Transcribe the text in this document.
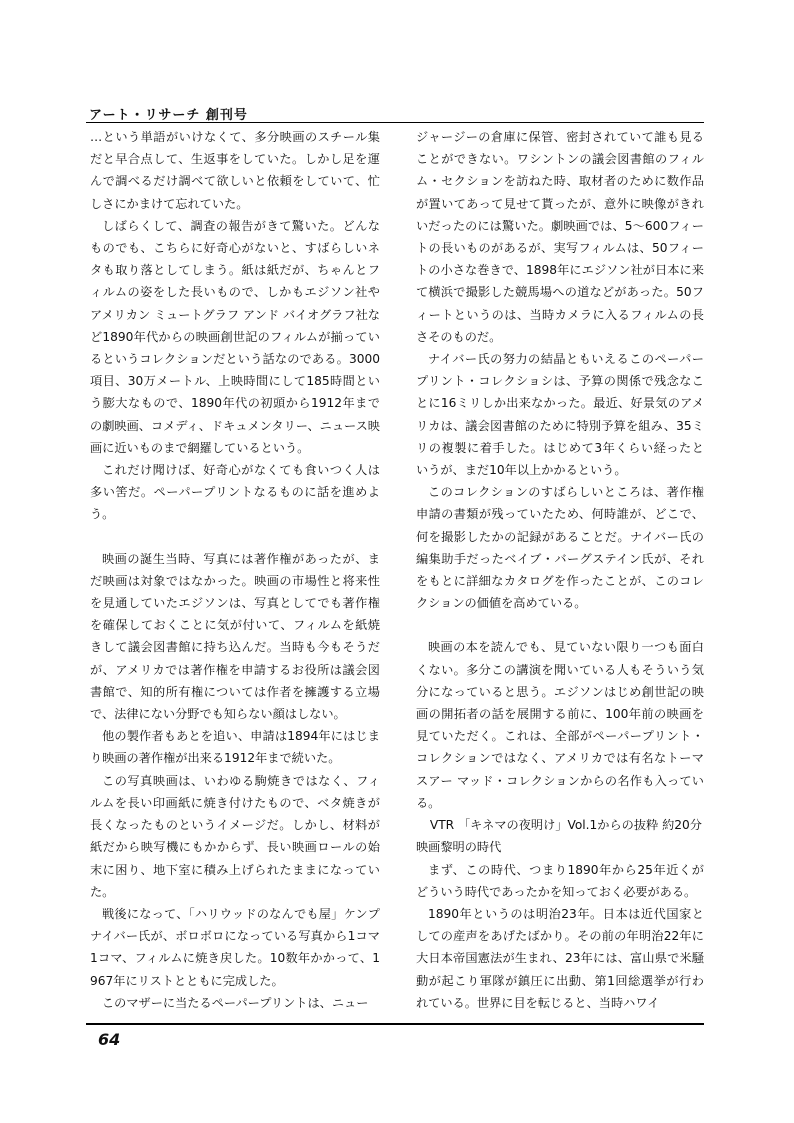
アート・リサーチ 創刊号

…という単語がいけなくて、多分映画のスチール集だと早合点して、生返事をしていた。しかし足を運んで調べるだけ調べて欲しいと依頼をしていて、忙しさにかまけて忘れていた。

しばらくして、調査の報告がきて驚いた。どんなものでも、こちらに好奇心がないと、すばらしいネタも取り落としてしまう。紙は紙だが、ちゃんとフィルムの姿をした長いもので、しかもエジソン社やアメリカン ミュートグラフ アンド バイオグラフ社など1890年代からの映画創世記のフィルムが揃っているというコレクションだという話なのである。3000項目、30万メートル、上映時間にして185時間という膨大なもので、1890年代の初頭から1912年までの劇映画、コメディ、ドキュメンタリー、ニュース映画に近いものまで網羅しているという。

これだけ聞けば、好奇心がなくても食いつく人は多い筈だ。ペーパープリントなるものに話を進めよう。

映画の誕生当時、写真には著作権があったが、まだ映画は対象ではなかった。映画の市場性と将来性を見通していたエジソンは、写真としてでも著作権を確保しておくことに気が付いて、フィルムを紙焼きして議会図書館に持ち込んだ。当時も今もそうだが、アメリカでは著作権を申請するお役所は議会図書館で、知的所有権については作者を擁護する立場で、法律にない分野でも知らない顔はしない。

他の製作者もあとを追い、申請は1894年にはじまり映画の著作権が出来る1912年まで続いた。

この写真映画は、いわゆる駒焼きではなく、フィルムを長い印画紙に焼き付けたもので、ベタ焼きが長くなったものというイメージだ。しかし、材料が紙だから映写機にもかからず、長い映画ロールの始末に困り、地下室に積み上げられたままになっていた。

戦後になって、「ハリウッドのなんでも屋」ケンプ ナイバー氏が、ボロボロになっている写真から1コマ1コマ、フィルムに焼き戻した。10数年かかって、1967年にリストとともに完成した。

このマザーに当たるペーパープリントは、ニュー

ジャージーの倉庫に保管、密封されていて誰も見ることができない。ワシントンの議会図書館のフィルム・セクションを訪ねた時、取材者のために数作品が置いてあって見せて貰ったが、意外に映像がきれいだったのには驚いた。劇映画では、5～600フィートの長いものがあるが、実写フィルムは、50フィートの小さな巻きで、1898年にエジソン社が日本に来て横浜で撮影した競馬場への道などがあった。50フィートというのは、当時カメラに入るフィルムの長さそのものだ。

ナイバー氏の努力の結晶ともいえるこのペーパープリント・コレクショシは、予算の関係で残念なことに16ミリしか出来なかった。最近、好景気のアメリカは、議会図書館のために特別予算を組み、35ミリの複製に着手した。はじめて3年くらい経ったというが、まだ10年以上かかるという。

このコレクションのすばらしいところは、著作権申請の書類が残っていたため、何時誰が、どこで、何を撮影したかの記録があることだ。ナイバー氏の編集助手だったベイブ・バーグステイン氏が、それをもとに詳細なカタログを作ったことが、このコレクションの価値を高めている。

映画の本を読んでも、見ていない限り一つも面白くない。多分この講演を聞いている人もそういう気分になっていると思う。エジソンはじめ創世記の映画の開拓者の話を展開する前に、100年前の映画を見ていただく。これは、全部がペーパープリント・コレクションではなく、アメリカでは有名なトーマスアー マッド・コレクションからの名作も入っている。

VTR 「キネマの夜明け」Vol.1からの抜粋 約20分

映画黎明の時代

まず、この時代、つまり1890年から25年近くがどういう時代であったかを知っておく必要がある。

1890年というのは明治23年。日本は近代国家としての産声をあげたばかり。その前の年明治22年に大日本帝国憲法が生まれ、23年には、富山県で米騒動が起こり軍隊が鎮圧に出動、第1回総選挙が行われている。世界に目を転じると、当時ハワイ

64
